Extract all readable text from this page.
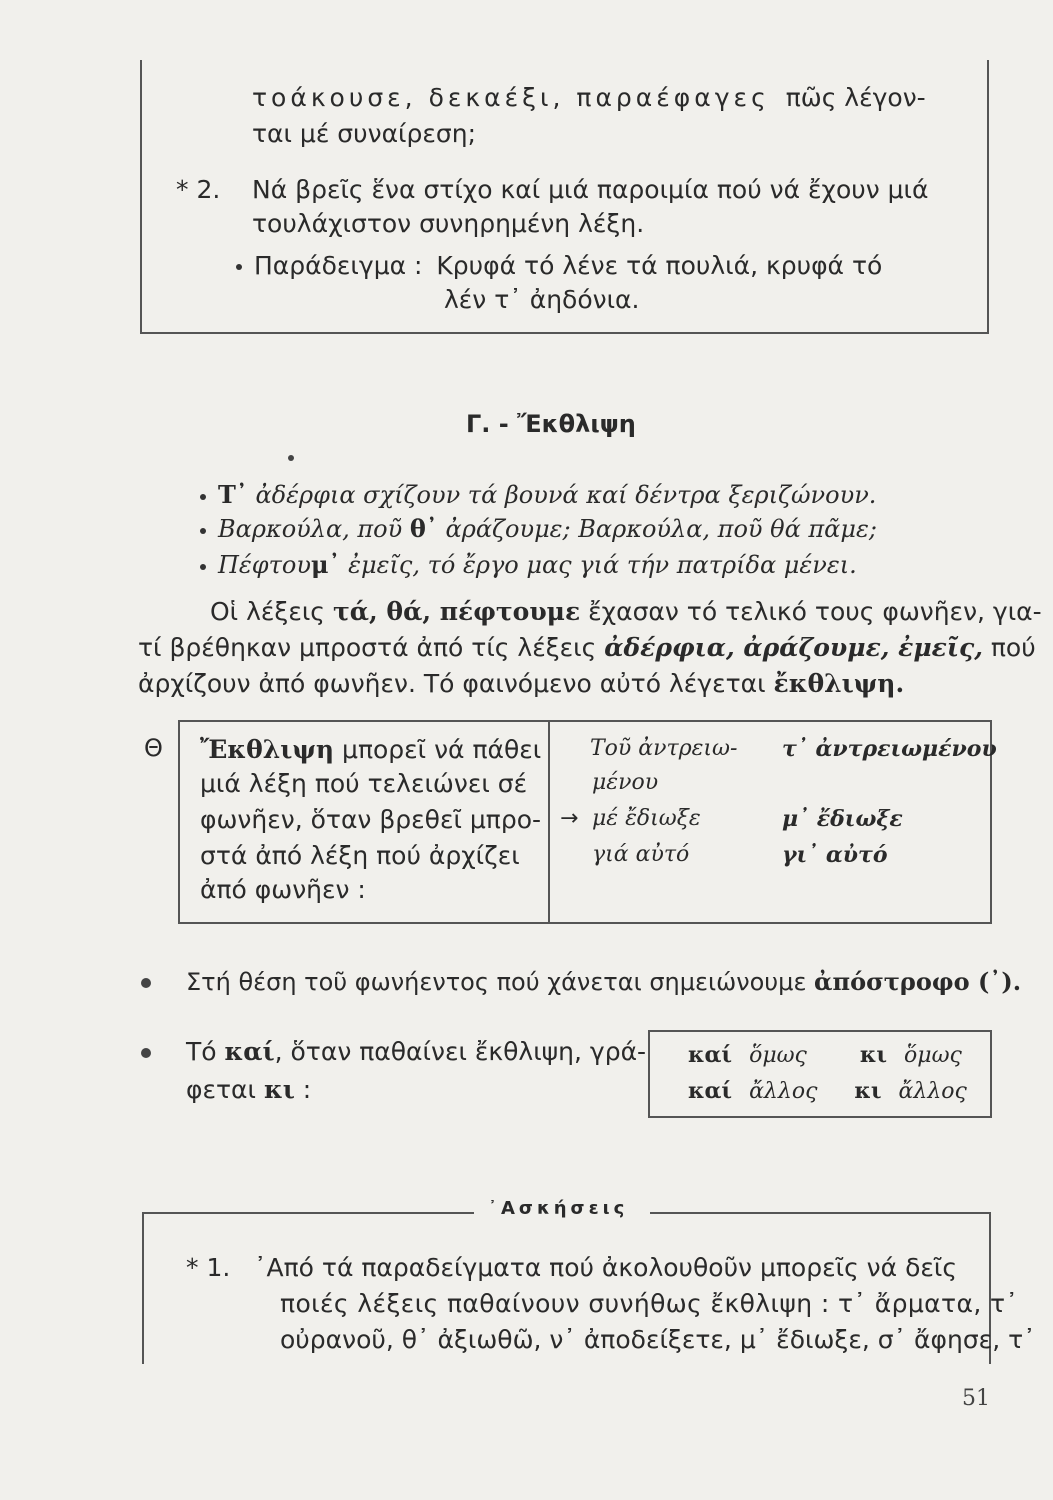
τοάκουσε, δεκαέξι, παραέφαγες πῶς λέγον-
ται μέ συναίρεση;
* 2. Νά βρεῖς ἕνα στίχο καί μιά παροιμία πού νά ἔχουν μιά
τουλάχιστον συνηρημένη λέξη.
Παράδειγμα : Κρυφά τό λένε τά πουλιά, κρυφά τό
λέν τ᾿ ἀηδόνια.
Γ. - Ἔκθλιψη
Τ᾿ ἀδέρφια σχίζουν τά βουνά καί δέντρα ξεριζώνουν.
Βαρκούλα, ποῦ θ᾿ ἀράζουμε; Βαρκούλα, ποῦ θά πᾶμε;
Πέφτουμ᾿ ἐμεῖς, τό ἔργο μας γιά τήν πατρίδα μένει.
Οἱ λέξεις τά, θά, πέφτουμε ἔχασαν τό τελικό τους φωνῆεν, για-
τί βρέθηκαν μπροστά ἀπό τίς λέξεις ἀδέρφια, ἀράζουμε, ἐμεῖς, πού
ἀρχίζουν ἀπό φωνῆεν. Τό φαινόμενο αὐτό λέγεται ἔκθλιψη.
Θ Ἔκθλιψη μπορεῖ νά πάθει
μιά λέξη πού τελειώνει σέ
φωνῆεν, ὅταν βρεθεῖ μπρο-
στά ἀπό λέξη πού ἀρχίζει
ἀπό φωνῆεν :
Τοῦ ἀντρειω-
μένου
→ μέ ἔδιωξε
γιά αὐτό
τ᾿ ἀντρειωμένου
μ᾿ ἔδιωξε
γι᾿ αὐτό
Στή θέση τοῦ φωνήεντος πού χάνεται σημειώνουμε ἀπόστροφο (᾿).
Τό καί, ὅταν παθαίνει ἔκθλιψη, γρά-
φεται κι :
καί ὅμως κι ὅμως
καί ἄλλος κι ἄλλος
᾿Ασκήσεις
* 1. ᾿Από τά παραδείγματα πού ἀκολουθοῦν μπορεῖς νά δεῖς
ποιές λέξεις παθαίνουν συνήθως ἔκθλιψη : τ᾿ ἄρματα, τ᾿
οὐρανοῦ, θ᾿ ἀξιωθῶ, ν᾿ ἀποδείξετε, μ᾿ ἔδιωξε, σ᾿ ἄφησε, τ᾿
51
